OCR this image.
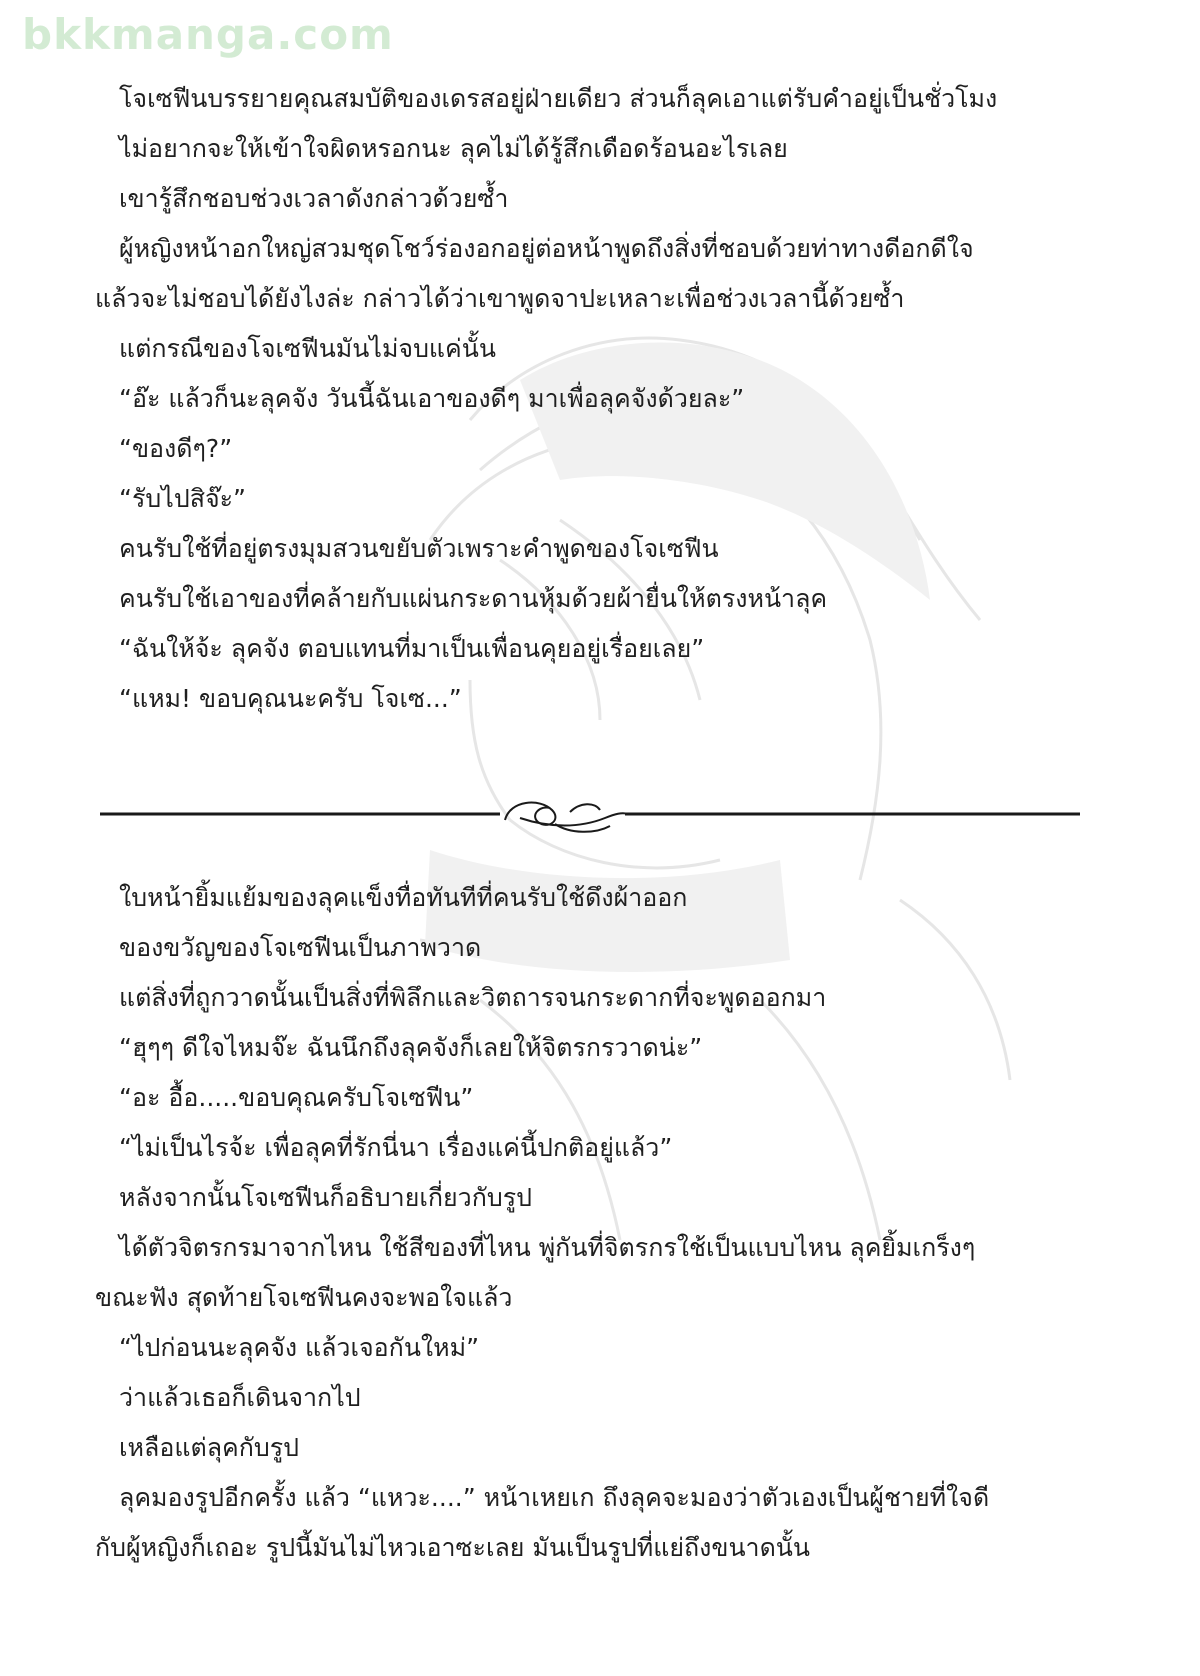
bkkmanga.com
โจเซฟีนบรรยายคุณสมบัติของเดรสอยู่ฝ่ายเดียว ส่วนก็ลุคเอาแต่รับคำอยู่เป็นชั่วโมง
ไม่อยากจะให้เข้าใจผิดหรอกนะ ลุคไม่ได้รู้สึกเดือดร้อนอะไรเลย
เขารู้สึกชอบช่วงเวลาดังกล่าวด้วยซ้ำ
ผู้หญิงหน้าอกใหญ่สวมชุดโชว์ร่องอกอยู่ต่อหน้าพูดถึงสิ่งที่ชอบด้วยท่าทางดีอกดีใจ
แล้วจะไม่ชอบได้ยังไงล่ะ กล่าวได้ว่าเขาพูดจาปะเหลาะเพื่อช่วงเวลานี้ด้วยซ้ำ
แต่กรณีของโจเซฟีนมันไม่จบแค่นั้น
“อ๊ะ แล้วก็นะลุคจัง วันนี้ฉันเอาของดีๆ มาเพื่อลุคจังด้วยละ”
“ของดีๆ?”
“รับไปสิจ๊ะ”
คนรับใช้ที่อยู่ตรงมุมสวนขยับตัวเพราะคำพูดของโจเซฟีน
คนรับใช้เอาของที่คล้ายกับแผ่นกระดานหุ้มด้วยผ้ายื่นให้ตรงหน้าลุค
“ฉันให้จ้ะ ลุคจัง ตอบแทนที่มาเป็นเพื่อนคุยอยู่เรื่อยเลย”
“แหม! ขอบคุณนะครับ โจเซ...”
ใบหน้ายิ้มแย้มของลุคแข็งทื่อทันทีที่คนรับใช้ดึงผ้าออก
ของขวัญของโจเซฟีนเป็นภาพวาด
แต่สิ่งที่ถูกวาดนั้นเป็นสิ่งที่พิลึกและวิตถารจนกระดากที่จะพูดออกมา
“ฮุๆๆ ดีใจไหมจ๊ะ ฉันนึกถึงลุคจังก็เลยให้จิตรกรวาดน่ะ”
“อะ อื้อ.....ขอบคุณครับโจเซฟีน”
“ไม่เป็นไรจ้ะ เพื่อลุคที่รักนี่นา เรื่องแค่นี้ปกติอยู่แล้ว”
หลังจากนั้นโจเซฟีนก็อธิบายเกี่ยวกับรูป
ได้ตัวจิตรกรมาจากไหน ใช้สีของที่ไหน พู่กันที่จิตรกรใช้เป็นแบบไหน ลุคยิ้มเกร็งๆ
ขณะฟัง สุดท้ายโจเซฟีนคงจะพอใจแล้ว
“ไปก่อนนะลุคจัง แล้วเจอกันใหม่”
ว่าแล้วเธอก็เดินจากไป
เหลือแต่ลุคกับรูป
ลุคมองรูปอีกครั้ง แล้ว “แหวะ....” หน้าเหยเก ถึงลุคจะมองว่าตัวเองเป็นผู้ชายที่ใจดี
กับผู้หญิงก็เถอะ รูปนี้มันไม่ไหวเอาซะเลย มันเป็นรูปที่แย่ถึงขนาดนั้น
